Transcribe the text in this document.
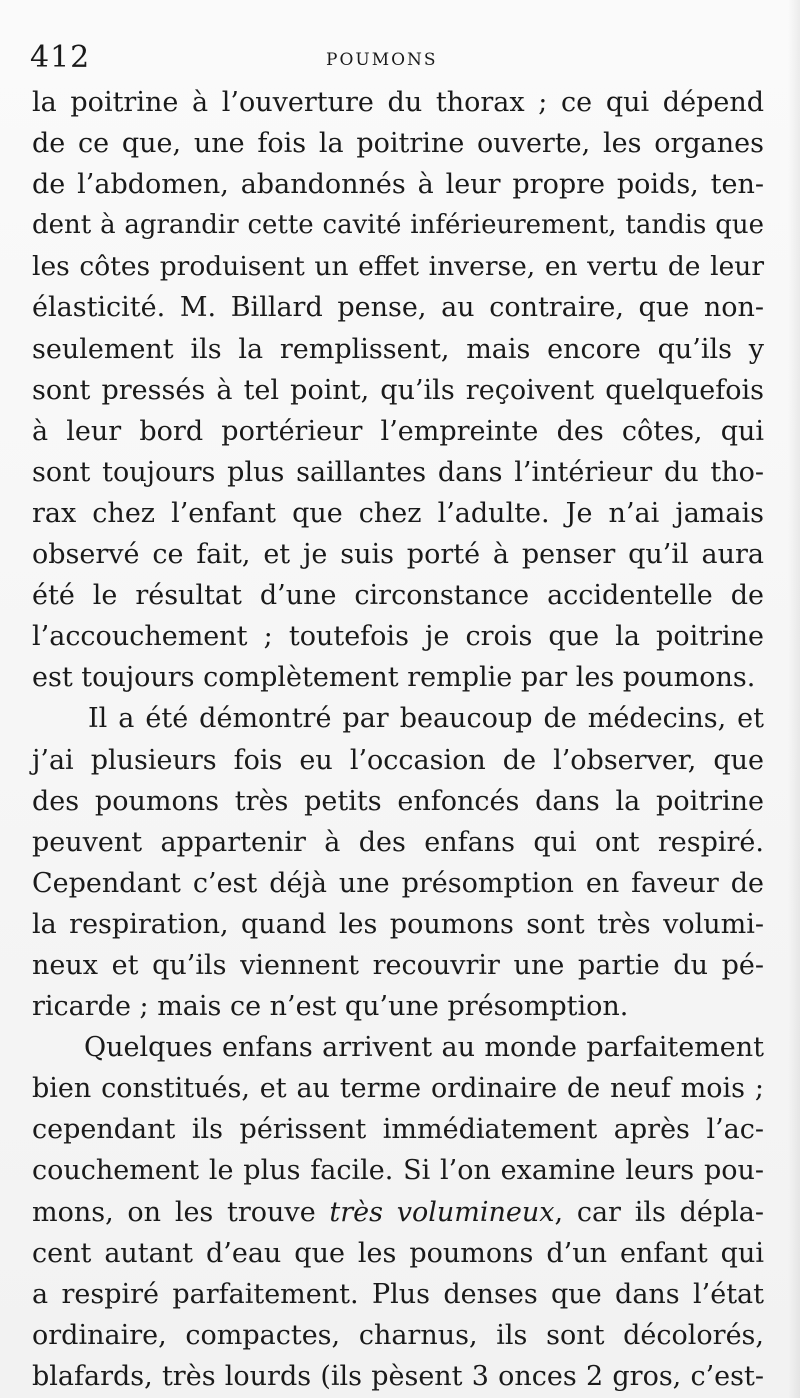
412	POUMONS
la poitrine à l’ouverture du thorax ; ce qui dépend
de ce que, une fois la poitrine ouverte, les organes
de l’abdomen, abandonnés à leur propre poids, ten-
dent à agrandir cette cavité inférieurement, tandis que
les côtes produisent un effet inverse, en vertu de leur
élasticité. M. Billard pense, au contraire, que non-
seulement ils la remplissent, mais encore qu’ils y
sont pressés à tel point, qu’ils reçoivent quelquefois
à leur bord portérieur l’empreinte des côtes, qui
sont toujours plus saillantes dans l’intérieur du tho-
rax chez l’enfant que chez l’adulte. Je n’ai jamais
observé ce fait, et je suis porté à penser qu’il aura
été le résultat d’une circonstance accidentelle de
l’accouchement ; toutefois je crois que la poitrine
est toujours complètement remplie par les poumons.
Il a été démontré par beaucoup de médecins, et
j’ai plusieurs fois eu l’occasion de l’observer, que
des poumons très petits enfoncés dans la poitrine
peuvent appartenir à des enfans qui ont respiré.
Cependant c’est déjà une présomption en faveur de
la respiration, quand les poumons sont très volumi-
neux et qu’ils viennent recouvrir une partie du pé-
ricarde ; mais ce n’est qu’une présomption.
Quelques enfans arrivent au monde parfaitement
bien constitués, et au terme ordinaire de neuf mois ;
cependant ils périssent immédiatement après l’ac-
couchement le plus facile. Si l’on examine leurs pou-
mons, on les trouve très volumineux, car ils dépla-
cent autant d’eau que les poumons d’un enfant qui
a respiré parfaitement. Plus denses que dans l’état
ordinaire, compactes, charnus, ils sont décolorés,
blafards, très lourds (ils pèsent 3 onces 2 gros, c’est-
